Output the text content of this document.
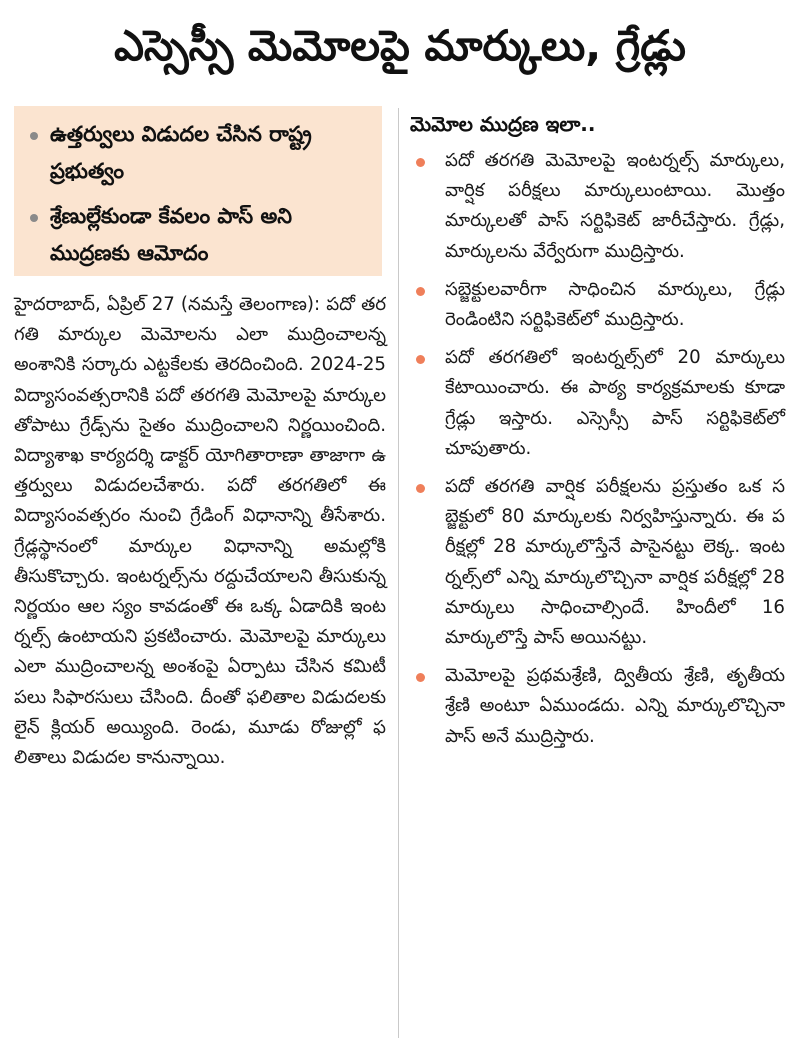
ఎస్సెస్సీ మెమోలపై మార్కులు, గ్రేడ్లు
ఉత్తర్వులు విడుదల చేసిన రాష్ట్ర ప్రభుత్వం
శ్రేణుల్లేకుండా కేవలం పాస్ అని ముద్రణకు ఆమోదం
హైదరాబాద్, ఏప్రిల్ 27 (నమస్తే తెలంగాణ): పదో తరగతి మార్కుల మెమోలను ఎలా ముద్రించాలన్న అంశానికి సర్కారు ఎట్టకేలకు తెరదించింది. 2024-25 విద్యాసంవత్సరానికి పదో తరగతి మెమోలపై మార్కులతోపాటు గ్రేడ్స్‌ను సైతం ముద్రించాలని నిర్ణయించింది. విద్యాశాఖ కార్యదర్శి డాక్టర్ యోగితారాణా తాజాగా ఉత్తర్వులు విడుదలచేశారు. పదో తరగతిలో ఈ విద్యాసంవత్సరం నుంచి గ్రేడింగ్ విధానాన్ని తీసేశారు. గ్రేడ్లస్థానంలో మార్కుల విధానాన్ని అమల్లోకి తీసుకొచ్చారు. ఇంటర్నల్స్‌ను రద్దుచేయాలని తీసుకున్న నిర్ణయం ఆల స్యం కావడంతో ఈ ఒక్క ఏడాదికి ఇంటర్నల్స్ ఉంటాయని ప్రకటించారు. మెమోలపై మార్కులు ఎలా ముద్రించాలన్న అంశంపై ఏర్పాటు చేసిన కమిటీ పలు సిఫారసులు చేసింది. దీంతో ఫలితాల విడుదలకు లైన్ క్లియర్ అయ్యింది. రెండు, మూడు రోజుల్లో ఫలితాలు విడుదల కానున్నాయి.
మెమోల ముద్రణ ఇలా..
పదో తరగతి మెమోలపై ఇంటర్నల్స్ మార్కులు, వార్షిక పరీక్షలు మార్కులుంటాయి. మొత్తం మార్కులతో పాస్ సర్టిఫికెట్ జారీచేస్తారు. గ్రేడ్లు, మార్కులను వేర్వేరుగా ముద్రిస్తారు.
సబ్జెక్టులవారీగా సాధించిన మార్కులు, గ్రేడ్లు రెండింటిని సర్టిఫికెట్‌లో ముద్రిస్తారు.
పదో తరగతిలో ఇంటర్నల్స్‌లో 20 మార్కులు కేటాయించారు. ఈ పాఠ్య కార్యక్రమాలకు కూడా గ్రేడ్లు ఇస్తారు. ఎస్సెస్సీ పాస్ సర్టిఫికెట్‌లో చూపుతారు.
పదో తరగతి వార్షిక పరీక్షలను ప్రస్తుతం ఒక సబ్జెక్టులో 80 మార్కులకు నిర్వహిస్తున్నారు. ఈ పరీక్షల్లో 28 మార్కులొస్తేనే పాసైనట్టు లెక్క. ఇంటర్నల్స్‌లో ఎన్ని మార్కులొచ్చినా వార్షిక పరీక్షల్లో 28 మార్కులు సాధించాల్సిందే. హిందీలో 16 మార్కులొస్తే పాస్ అయినట్టు.
మెమోలపై ప్రథమశ్రేణి, ద్వితీయ శ్రేణి, తృతీయ శ్రేణి అంటూ ఏముండదు. ఎన్ని మార్కులొచ్చినా పాస్ అనే ముద్రిస్తారు.
